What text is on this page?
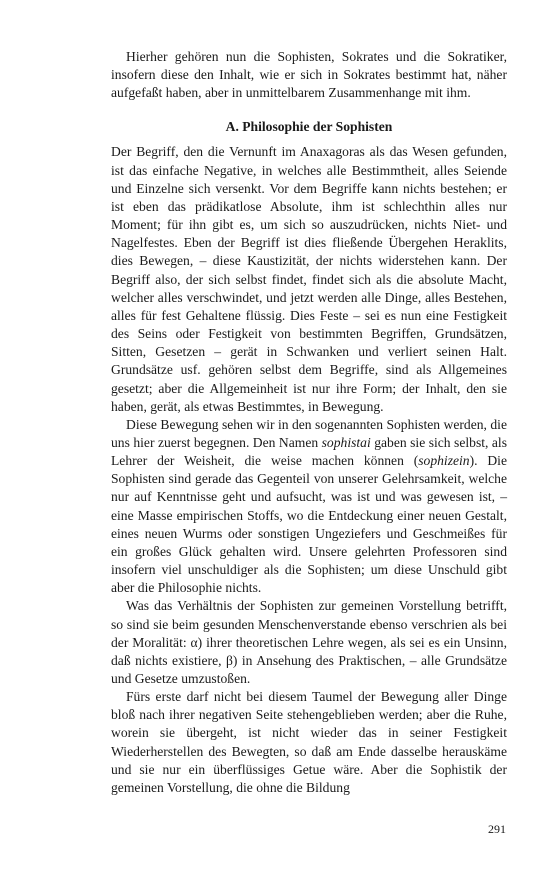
Hierher gehören nun die Sophisten, Sokrates und die Sokratiker, insofern diese den Inhalt, wie er sich in Sokrates bestimmt hat, näher aufgefaßt haben, aber in unmittelbarem Zusammenhange mit ihm.

A. Philosophie der Sophisten

Der Begriff, den die Vernunft im Anaxagoras als das Wesen gefunden, ist das einfache Negative, in welches alle Bestimmtheit, alles Seiende und Einzelne sich versenkt. Vor dem Begriffe kann nichts bestehen; er ist eben das prädikatlose Absolute, ihm ist schlechthin alles nur Moment; für ihn gibt es, um sich so auszudrücken, nichts Niet- und Nagelfestes. Eben der Begriff ist dies fließende Übergehen Heraklits, dies Bewegen, – diese Kaustizität, der nichts widerstehen kann. Der Begriff also, der sich selbst findet, findet sich als die absolute Macht, welcher alles verschwindet, und jetzt werden alle Dinge, alles Bestehen, alles für fest Gehaltene flüssig. Dies Feste – sei es nun eine Festigkeit des Seins oder Festigkeit von bestimmten Begriffen, Grundsätzen, Sitten, Gesetzen – gerät in Schwanken und verliert seinen Halt. Grundsätze usf. gehören selbst dem Begriffe, sind als Allgemeines gesetzt; aber die Allgemeinheit ist nur ihre Form; der Inhalt, den sie haben, gerät, als etwas Bestimmtes, in Bewegung.

Diese Bewegung sehen wir in den sogenannten Sophisten werden, die uns hier zuerst begegnen. Den Namen sophistai gaben sie sich selbst, als Lehrer der Weisheit, die weise machen können (sophizein). Die Sophisten sind gerade das Gegenteil von unserer Gelehrsamkeit, welche nur auf Kenntnisse geht und aufsucht, was ist und was gewesen ist, – eine Masse empirischen Stoffs, wo die Entdeckung einer neuen Gestalt, eines neuen Wurms oder sonstigen Ungeziefers und Geschmeißes für ein großes Glück gehalten wird. Unsere gelehrten Professoren sind insofern viel unschuldiger als die Sophisten; um diese Unschuld gibt aber die Philosophie nichts.

Was das Verhältnis der Sophisten zur gemeinen Vorstellung betrifft, so sind sie beim gesunden Menschenverstande ebenso verschrien als bei der Moralität: α) ihrer theoretischen Lehre wegen, als sei es ein Unsinn, daß nichts existiere, β) in Ansehung des Praktischen, – alle Grundsätze und Gesetze umzustoßen.

Fürs erste darf nicht bei diesem Taumel der Bewegung aller Dinge bloß nach ihrer negativen Seite stehengeblieben werden; aber die Ruhe, worein sie übergeht, ist nicht wieder das in seiner Festigkeit Wiederherstellen des Bewegten, so daß am Ende dasselbe herauskäme und sie nur ein überflüssiges Getue wäre. Aber die Sophistik der gemeinen Vorstellung, die ohne die Bildung

291
